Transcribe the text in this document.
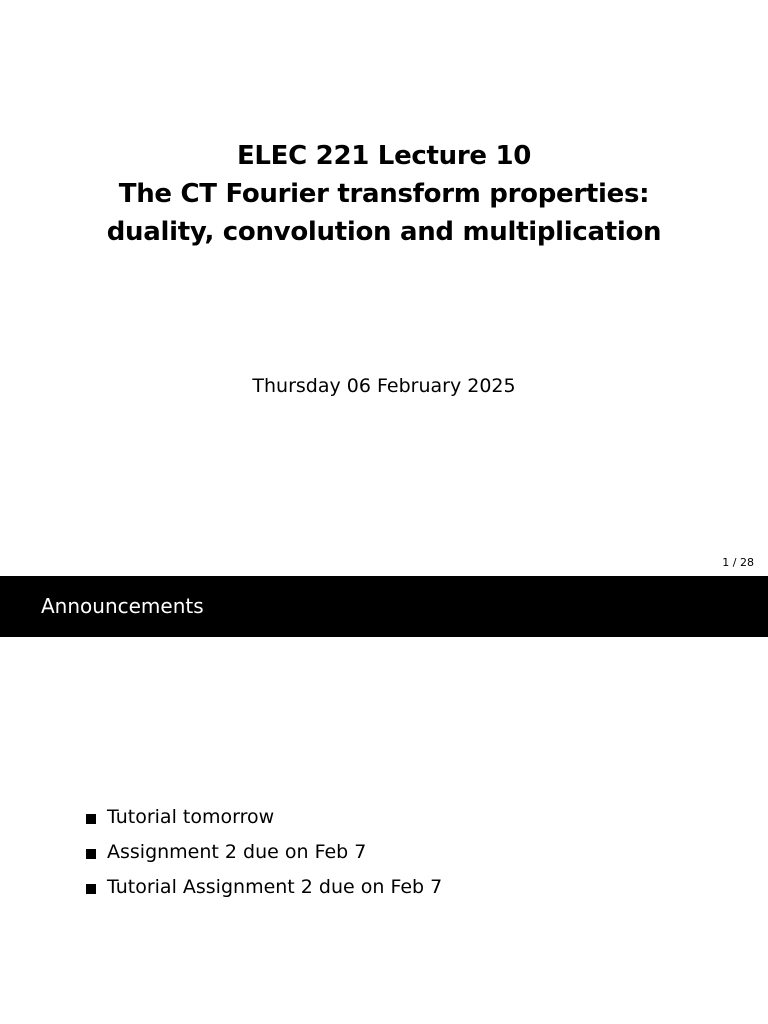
ELEC 221 Lecture 10
The CT Fourier transform properties:
duality, convolution and multiplication
Thursday 06 February 2025
1 / 28
Announcements
Tutorial tomorrow
Assignment 2 due on Feb 7
Tutorial Assignment 2 due on Feb 7
